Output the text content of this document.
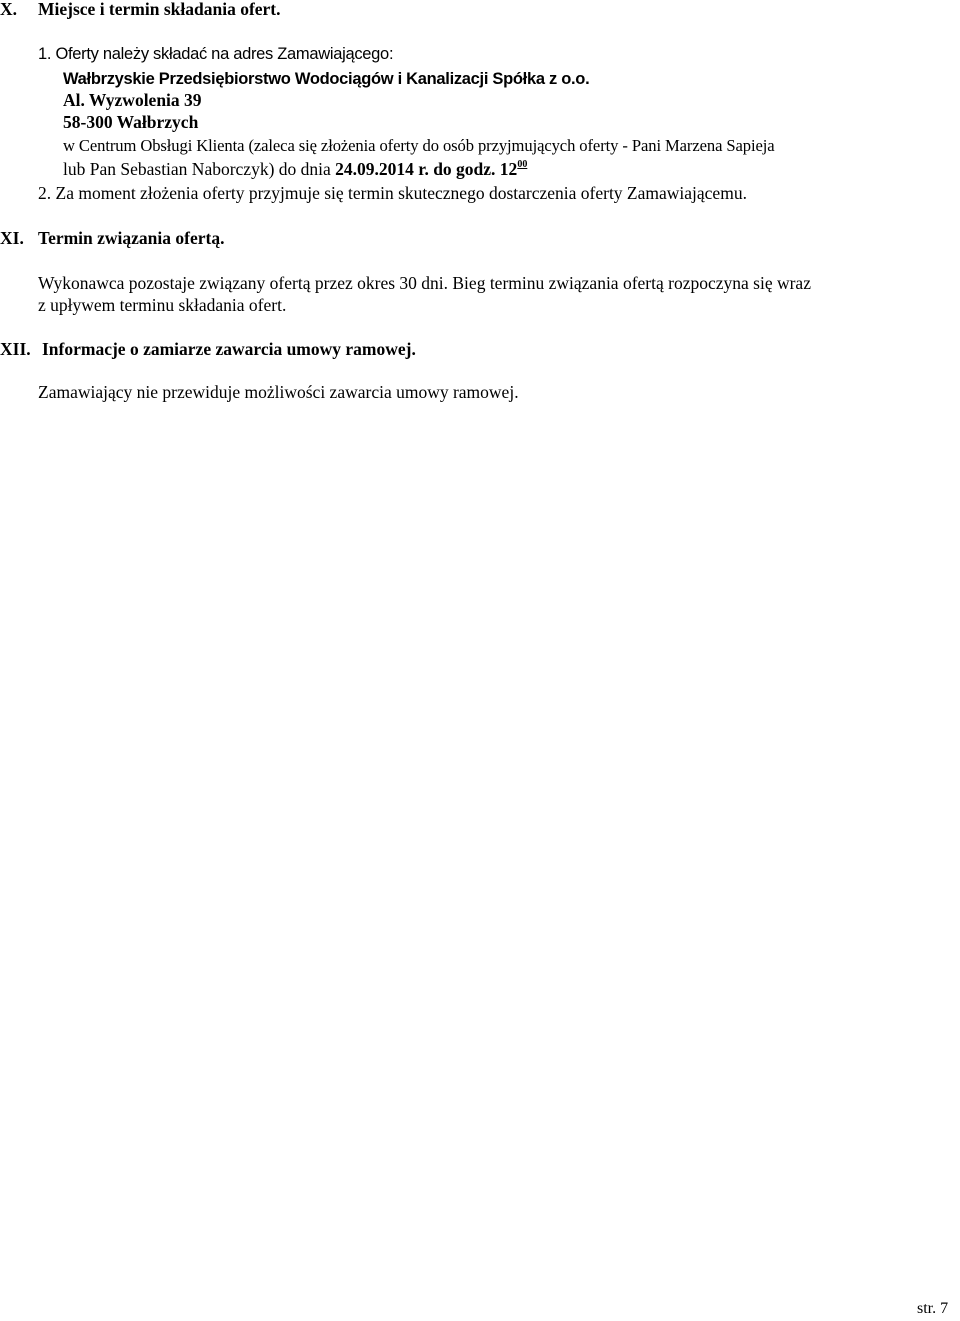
X. Miejsce i termin składania ofert.
1. Oferty należy składać na adres Zamawiającego:
Wałbrzyskie Przedsiębiorstwo Wodociągów i Kanalizacji Spółka z o.o.
Al. Wyzwolenia 39
58-300 Wałbrzych
w Centrum Obsługi Klienta (zaleca się złożenia oferty do osób przyjmujących oferty - Pani Marzena Sapieja
lub Pan Sebastian Naborczyk) do dnia 24.09.2014 r. do godz. $12^{00}$
2. Za moment złożenia oferty przyjmuje się termin skutecznego dostarczenia oferty Zamawiającemu.
XI. Termin związania ofertą.
Wykonawca pozostaje związany ofertą przez okres 30 dni. Bieg terminu związania ofertą rozpoczyna się wraz
z upływem terminu składania ofert.
XII. Informacje o zamiarze zawarcia umowy ramowej.
Zamawiający nie przewiduje możliwości zawarcia umowy ramowej.
str. 7
